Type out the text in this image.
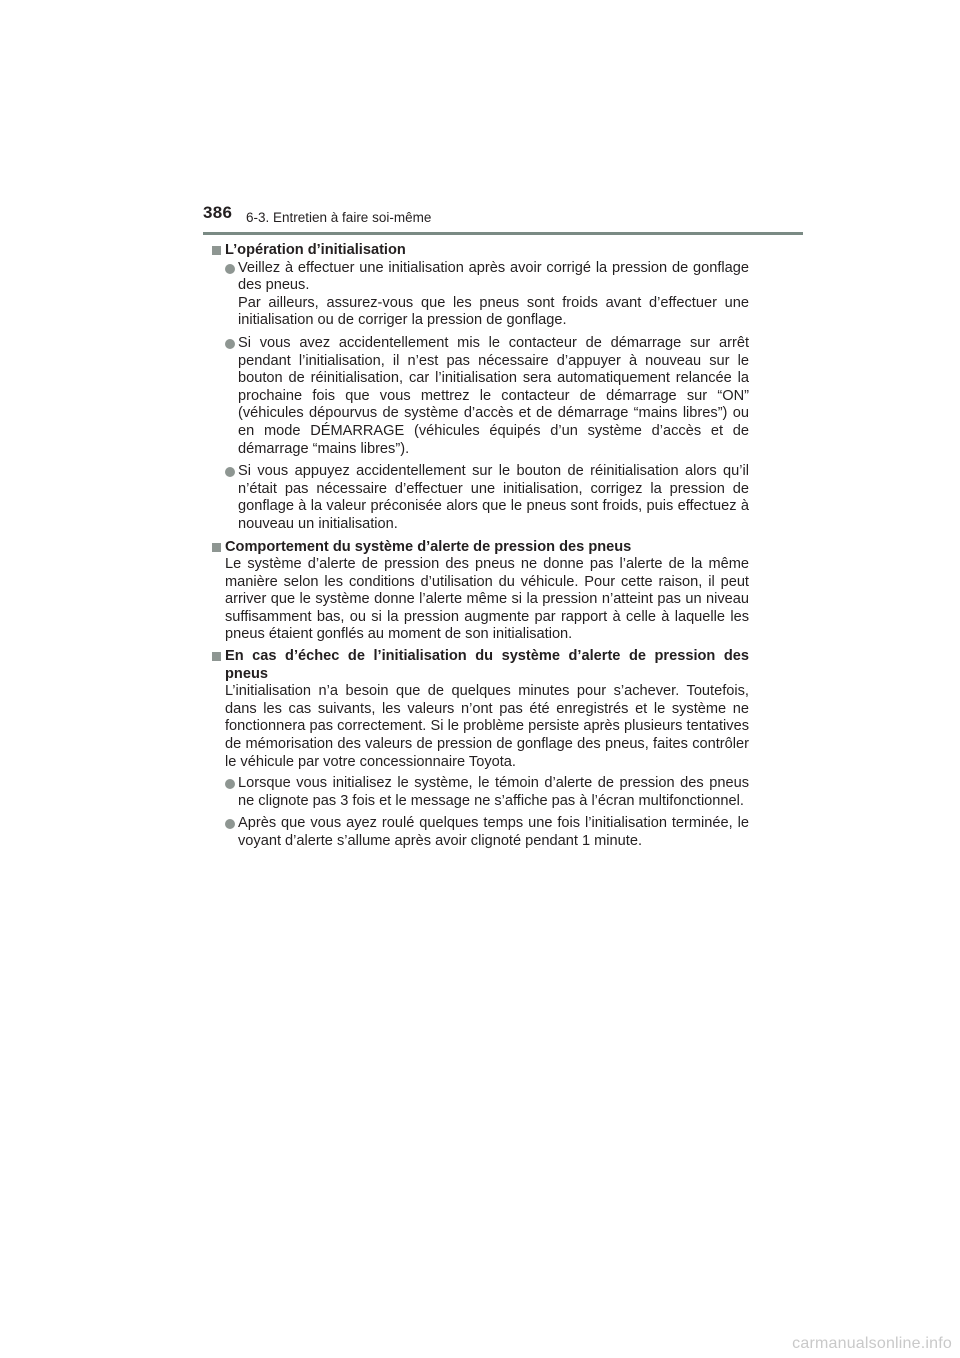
386 6-3. Entretien à faire soi-même
L’opération d’initialisation

Veillez à effectuer une initialisation après avoir corrigé la pression de gonflage des pneus.

Par ailleurs, assurez-vous que les pneus sont froids avant d’effectuer une initialisation ou de corriger la pression de gonflage.

Si vous avez accidentellement mis le contacteur de démarrage sur arrêt pendant l’initialisation, il n’est pas nécessaire d’appuyer à nouveau sur le bouton de réinitialisation, car l’initialisation sera automatiquement relancée la prochaine fois que vous mettrez le contacteur de démarrage sur “ON” (véhicules dépourvus de système d’accès et de démarrage “mains libres”) ou en mode DÉMARRAGE (véhicules équipés d’un système d’accès et de démarrage “mains libres”).

Si vous appuyez accidentellement sur le bouton de réinitialisation alors qu’il n’était pas nécessaire d’effectuer une initialisation, corrigez la pression de gonflage à la valeur préconisée alors que le pneus sont froids, puis effectuez à nouveau un initialisation.

Comportement du système d’alerte de pression des pneus

Le système d’alerte de pression des pneus ne donne pas l’alerte de la même manière selon les conditions d’utilisation du véhicule. Pour cette raison, il peut arriver que le système donne l’alerte même si la pression n’atteint pas un niveau suffisamment bas, ou si la pression augmente par rapport à celle à laquelle les pneus étaient gonflés au moment de son initialisation.

En cas d’échec de l’initialisation du système d’alerte de pression des pneus

L’initialisation n’a besoin que de quelques minutes pour s’achever. Toutefois, dans les cas suivants, les valeurs n’ont pas été enregistrés et le système ne fonctionnera pas correctement. Si le problème persiste après plusieurs tentatives de mémorisation des valeurs de pression de gonflage des pneus, faites contrôler le véhicule par votre concessionnaire Toyota.

Lorsque vous initialisez le système, le témoin d’alerte de pression des pneus ne clignote pas 3 fois et le message ne s’affiche pas à l’écran multifonctionnel.

Après que vous ayez roulé quelques temps une fois l’initialisation terminée, le voyant d’alerte s’allume après avoir clignoté pendant 1 minute.

carmanualsonline.info
